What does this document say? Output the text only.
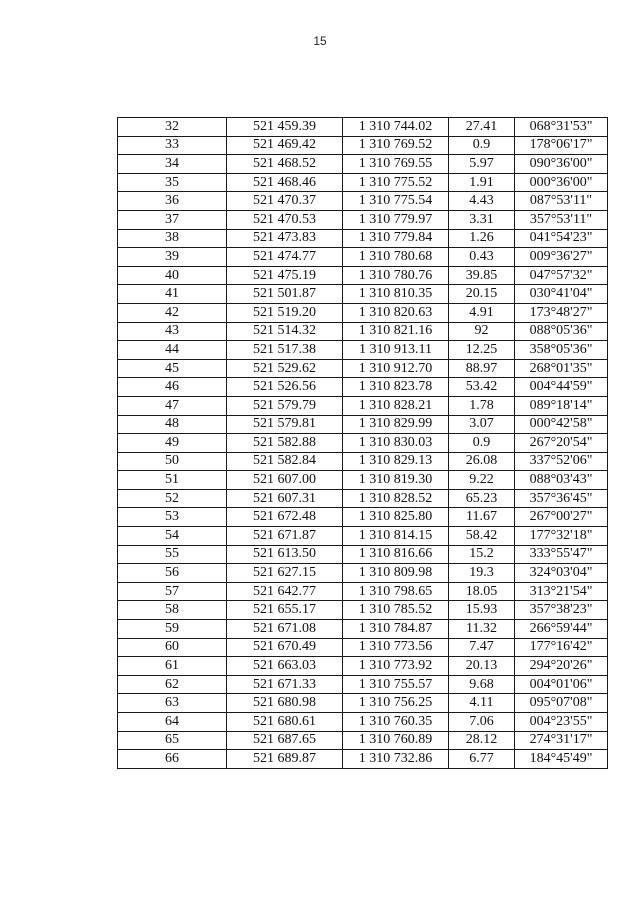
15
32	521 459.39	1 310 744.02	27.41	068°31'53"
33	521 469.42	1 310 769.52	0.9	178°06'17"
34	521 468.52	1 310 769.55	5.97	090°36'00"
35	521 468.46	1 310 775.52	1.91	000°36'00"
36	521 470.37	1 310 775.54	4.43	087°53'11"
37	521 470.53	1 310 779.97	3.31	357°53'11"
38	521 473.83	1 310 779.84	1.26	041°54'23"
39	521 474.77	1 310 780.68	0.43	009°36'27"
40	521 475.19	1 310 780.76	39.85	047°57'32"
41	521 501.87	1 310 810.35	20.15	030°41'04"
42	521 519.20	1 310 820.63	4.91	173°48'27"
43	521 514.32	1 310 821.16	92	088°05'36"
44	521 517.38	1 310 913.11	12.25	358°05'36"
45	521 529.62	1 310 912.70	88.97	268°01'35"
46	521 526.56	1 310 823.78	53.42	004°44'59"
47	521 579.79	1 310 828.21	1.78	089°18'14"
48	521 579.81	1 310 829.99	3.07	000°42'58"
49	521 582.88	1 310 830.03	0.9	267°20'54"
50	521 582.84	1 310 829.13	26.08	337°52'06"
51	521 607.00	1 310 819.30	9.22	088°03'43"
52	521 607.31	1 310 828.52	65.23	357°36'45"
53	521 672.48	1 310 825.80	11.67	267°00'27"
54	521 671.87	1 310 814.15	58.42	177°32'18"
55	521 613.50	1 310 816.66	15.2	333°55'47"
56	521 627.15	1 310 809.98	19.3	324°03'04"
57	521 642.77	1 310 798.65	18.05	313°21'54"
58	521 655.17	1 310 785.52	15.93	357°38'23"
59	521 671.08	1 310 784.87	11.32	266°59'44"
60	521 670.49	1 310 773.56	7.47	177°16'42"
61	521 663.03	1 310 773.92	20.13	294°20'26"
62	521 671.33	1 310 755.57	9.68	004°01'06"
63	521 680.98	1 310 756.25	4.11	095°07'08"
64	521 680.61	1 310 760.35	7.06	004°23'55"
65	521 687.65	1 310 760.89	28.12	274°31'17"
66	521 689.87	1 310 732.86	6.77	184°45'49"
